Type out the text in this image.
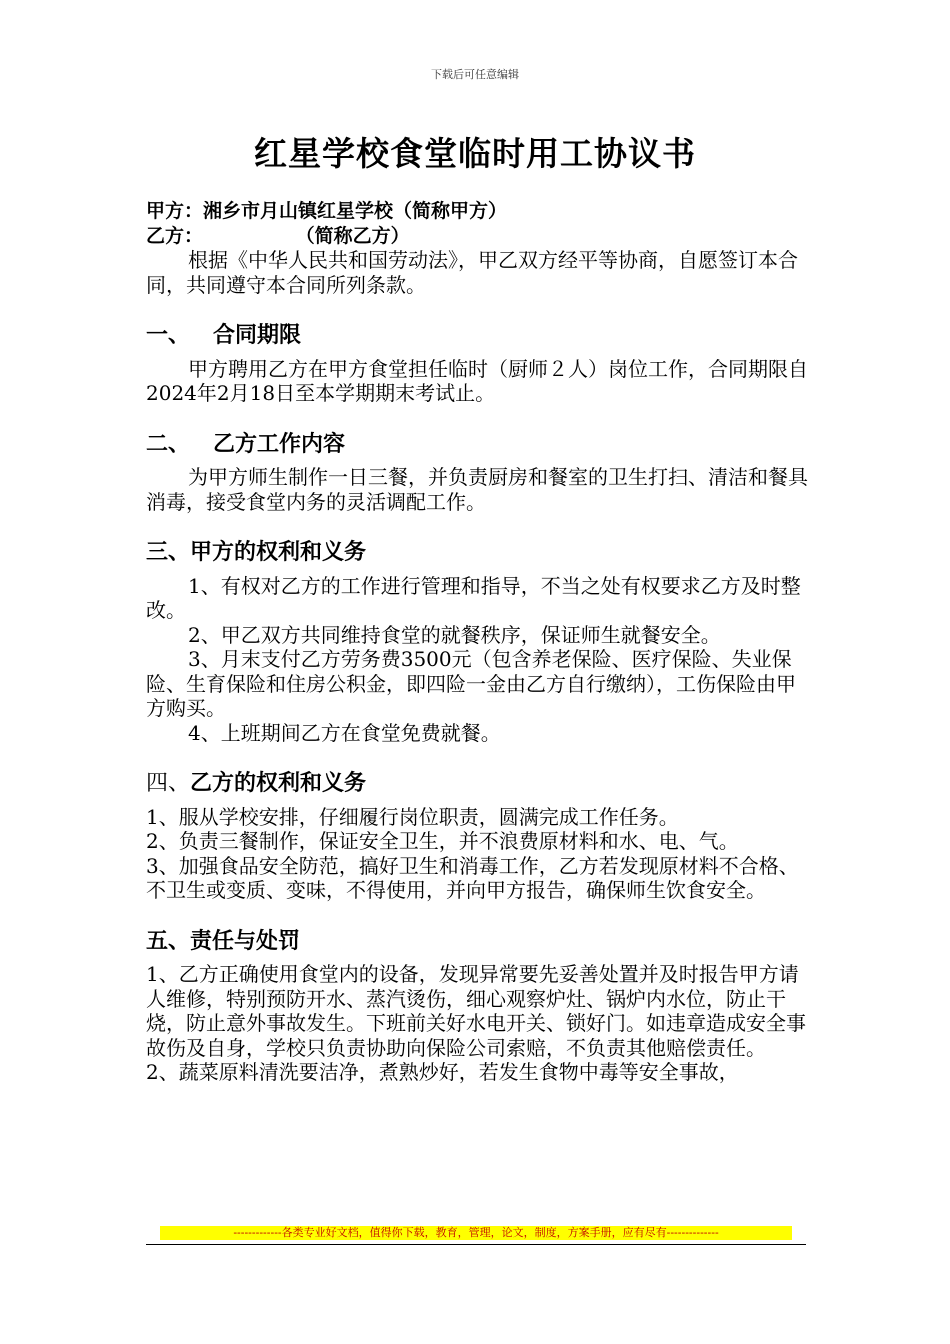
下载后可任意编辑
红星学校食堂临时用工协议书
甲方：湘乡市月山镇红星学校（简称甲方）
乙方：              （简称乙方）

根据《中华人民共和国劳动法》，甲乙双方经平等协商，自愿签订本合同，共同遵守本合同所列条款。

一、   合同期限

甲方聘用乙方在甲方食堂担任临时（厨师２人）岗位工作，合同期限自2024年2月18日至本学期期末考试止。

二、   乙方工作内容

为甲方师生制作一日三餐，并负责厨房和餐室的卫生打扫、清洁和餐具消毒，接受食堂内务的灵活调配工作。

三、甲方的权利和义务

1、有权对乙方的工作进行管理和指导，不当之处有权要求乙方及时整改。

2、甲乙双方共同维持食堂的就餐秩序，保证师生就餐安全。

3、月末支付乙方劳务费3500元（包含养老保险、医疗保险、失业保险、生育保险和住房公积金，即四险一金由乙方自行缴纳），工伤保险由甲方购买。

4、上班期间乙方在食堂免费就餐。

四、乙方的权利和义务

1、服从学校安排，仔细履行岗位职责，圆满完成工作任务。

2、负责三餐制作，保证安全卫生，并不浪费原材料和水、电、气。

3、加强食品安全防范，搞好卫生和消毒工作，乙方若发现原材料不合格、不卫生或变质、变味，不得使用，并向甲方报告，确保师生饮食安全。

五、责任与处罚

1、乙方正确使用食堂内的设备，发现异常要先妥善处置并及时报告甲方请人维修，特别预防开水、蒸汽烫伤，细心观察炉灶、锅炉内水位，防止干烧，防止意外事故发生。下班前关好水电开关、锁好门。如违章造成安全事故伤及自身，学校只负责协助向保险公司索赔，不负责其他赔偿责任。

2、蔬菜原料清洗要洁净，煮熟炒好，若发生食物中毒等安全事故，

-------------各类专业好文档，值得你下载，教育，管理，论文，制度，方案手册，应有尽有--------------
